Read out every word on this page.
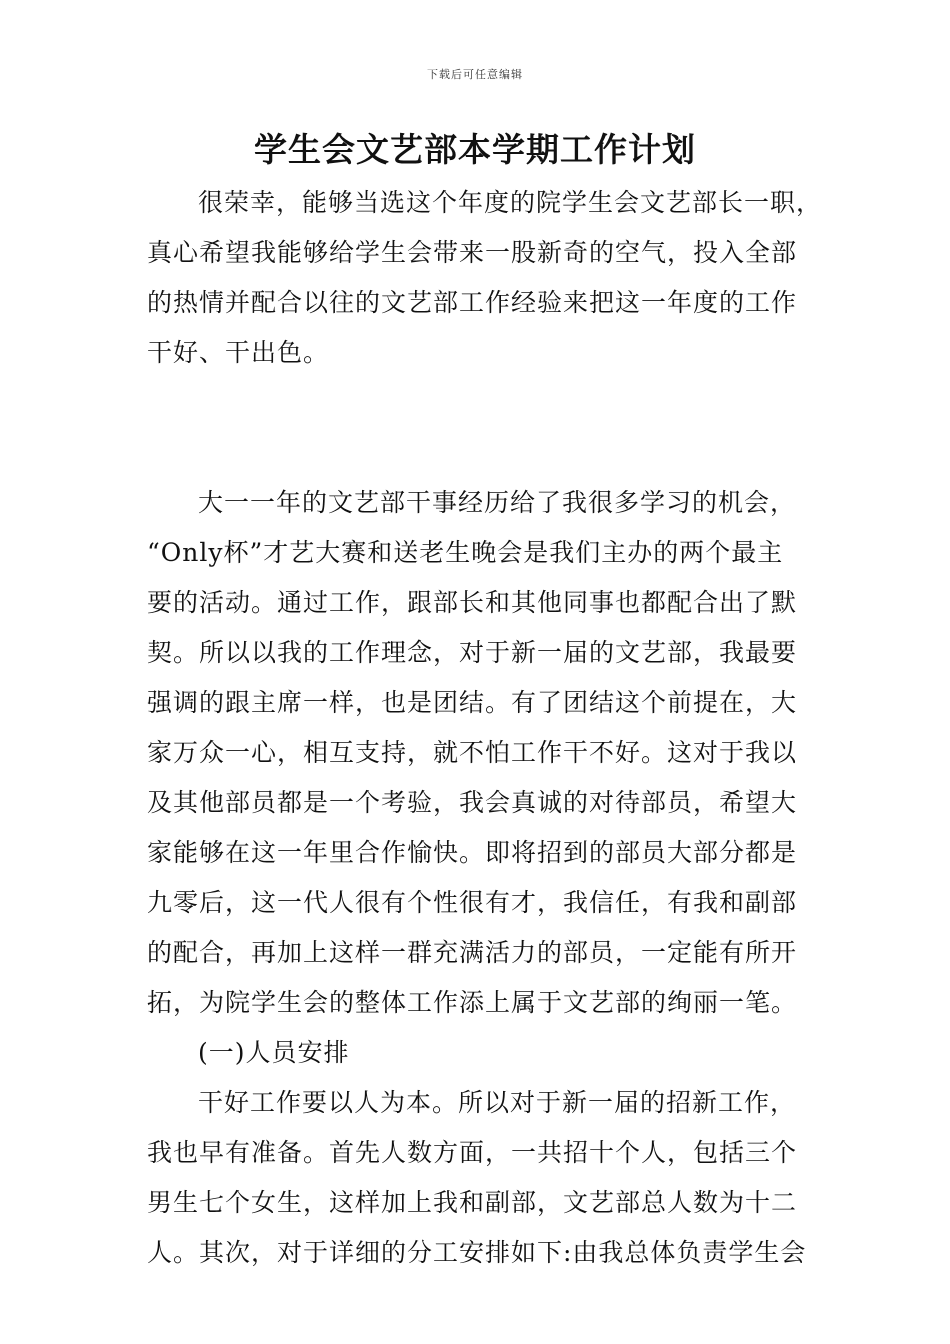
下载后可任意编辑
学生会文艺部本学期工作计划
很荣幸，能够当选这个年度的院学生会文艺部长一职，
真心希望我能够给学生会带来一股新奇的空气，投入全部
的热情并配合以往的文艺部工作经验来把这一年度的工作
干好、干出色。
大一一年的文艺部干事经历给了我很多学习的机会，
“Only杯”才艺大赛和送老生晚会是我们主办的两个最主
要的活动。通过工作，跟部长和其他同事也都配合出了默
契。所以以我的工作理念，对于新一届的文艺部，我最要
强调的跟主席一样，也是团结。有了团结这个前提在，大
家万众一心，相互支持，就不怕工作干不好。这对于我以
及其他部员都是一个考验，我会真诚的对待部员，希望大
家能够在这一年里合作愉快。即将招到的部员大部分都是
九零后，这一代人很有个性很有才，我信任，有我和副部
的配合，再加上这样一群充满活力的部员，一定能有所开
拓，为院学生会的整体工作添上属于文艺部的绚丽一笔。
(一)人员安排
干好工作要以人为本。所以对于新一届的招新工作，
我也早有准备。首先人数方面，一共招十个人，包括三个
男生七个女生，这样加上我和副部，文艺部总人数为十二
人。其次，对于详细的分工安排如下:由我总体负责学生会
